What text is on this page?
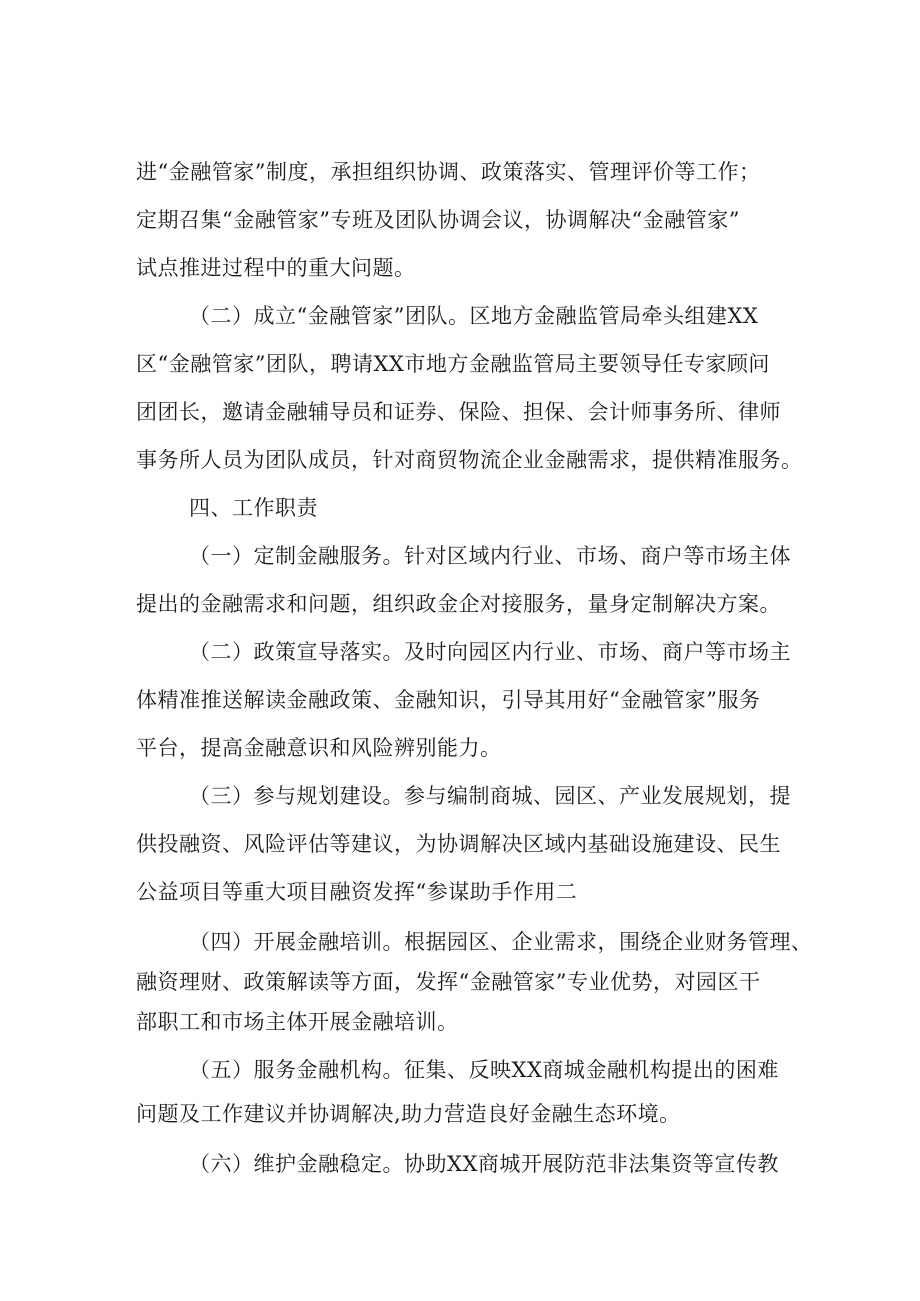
进“金融管家”制度，承担组织协调、政策落实、管理评价等工作；
定期召集“金融管家”专班及团队协调会议，协调解决“金融管家”
试点推进过程中的重大问题。
（二）成立“金融管家”团队。区地方金融监管局牵头组建XX
区“金融管家”团队，聘请XX市地方金融监管局主要领导任专家顾问
团团长，邀请金融辅导员和证券、保险、担保、会计师事务所、律师
事务所人员为团队成员，针对商贸物流企业金融需求，提供精准服务。
四、工作职责
（一）定制金融服务。针对区域内行业、市场、商户等市场主体
提出的金融需求和问题，组织政金企对接服务，量身定制解决方案。
（二）政策宣导落实。及时向园区内行业、市场、商户等市场主
体精准推送解读金融政策、金融知识，引导其用好“金融管家”服务
平台，提高金融意识和风险辨别能力。
（三）参与规划建设。参与编制商城、园区、产业发展规划，提
供投融资、风险评估等建议，为协调解决区域内基础设施建设、民生
公益项目等重大项目融资发挥“参谋助手作用二
（四）开展金融培训。根据园区、企业需求，围绕企业财务管理、
融资理财、政策解读等方面，发挥“金融管家”专业优势，对园区干
部职工和市场主体开展金融培训。
（五）服务金融机构。征集、反映XX商城金融机构提出的困难
问题及工作建议并协调解决,助力营造良好金融生态环境。
（六）维护金融稳定。协助XX商城开展防范非法集资等宣传教
